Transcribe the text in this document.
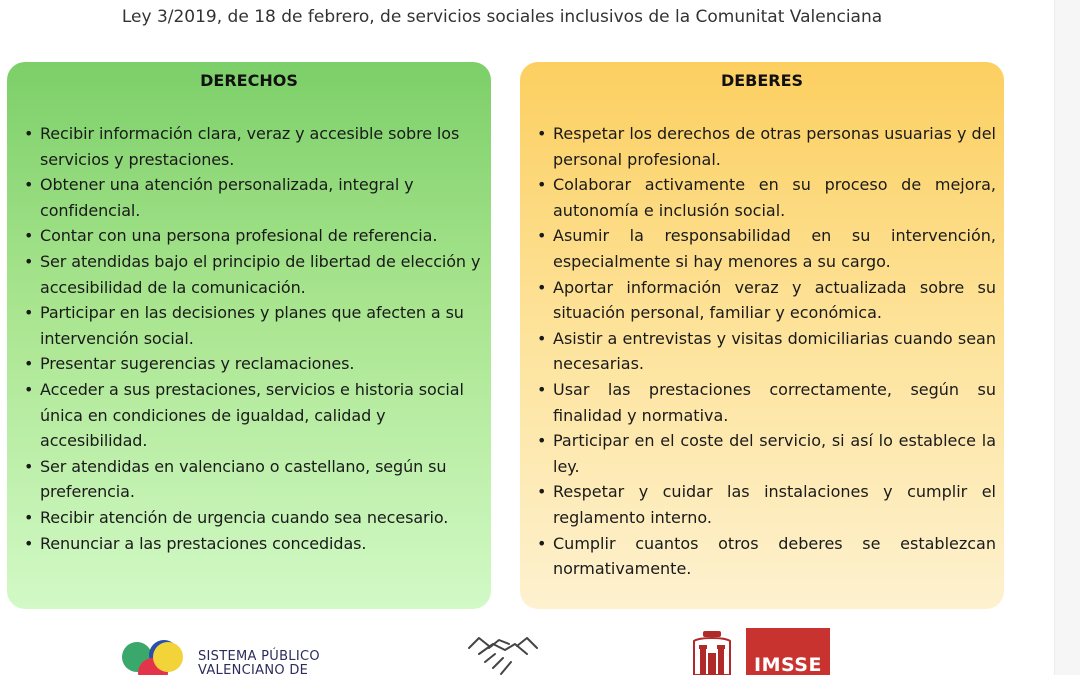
Ley 3/2019, de 18 de febrero, de servicios sociales inclusivos de la Comunitat Valenciana
DERECHOS
• Recibir información clara, veraz y accesible sobre los servicios y prestaciones.
• Obtener una atención personalizada, integral y confidencial.
• Contar con una persona profesional de referencia.
• Ser atendidas bajo el principio de libertad de elección y accesibilidad de la comunicación.
• Participar en las decisiones y planes que afecten a su intervención social.
• Presentar sugerencias y reclamaciones.
• Acceder a sus prestaciones, servicios e historia social única en condiciones de igualdad, calidad y accesibilidad.
• Ser atendidas en valenciano o castellano, según su preferencia.
• Recibir atención de urgencia cuando sea necesario.
• Renunciar a las prestaciones concedidas.
DEBERES
• Respetar los derechos de otras personas usuarias y del personal profesional.
• Colaborar activamente en su proceso de mejora, autonomía e inclusión social.
• Asumir la responsabilidad en su intervención, especialmente si hay menores a su cargo.
• Aportar información veraz y actualizada sobre su situación personal, familiar y económica.
• Asistir a entrevistas y visitas domiciliarias cuando sean necesarias.
• Usar las prestaciones correctamente, según su finalidad y normativa.
• Participar en el coste del servicio, si así lo establece la ley.
• Respetar y cuidar las instalaciones y cumplir el reglamento interno.
• Cumplir cuantos otros deberes se establezcan normativamente.
SISTEMA PÚBLICO
VALENCIANO DE	IMSSE
